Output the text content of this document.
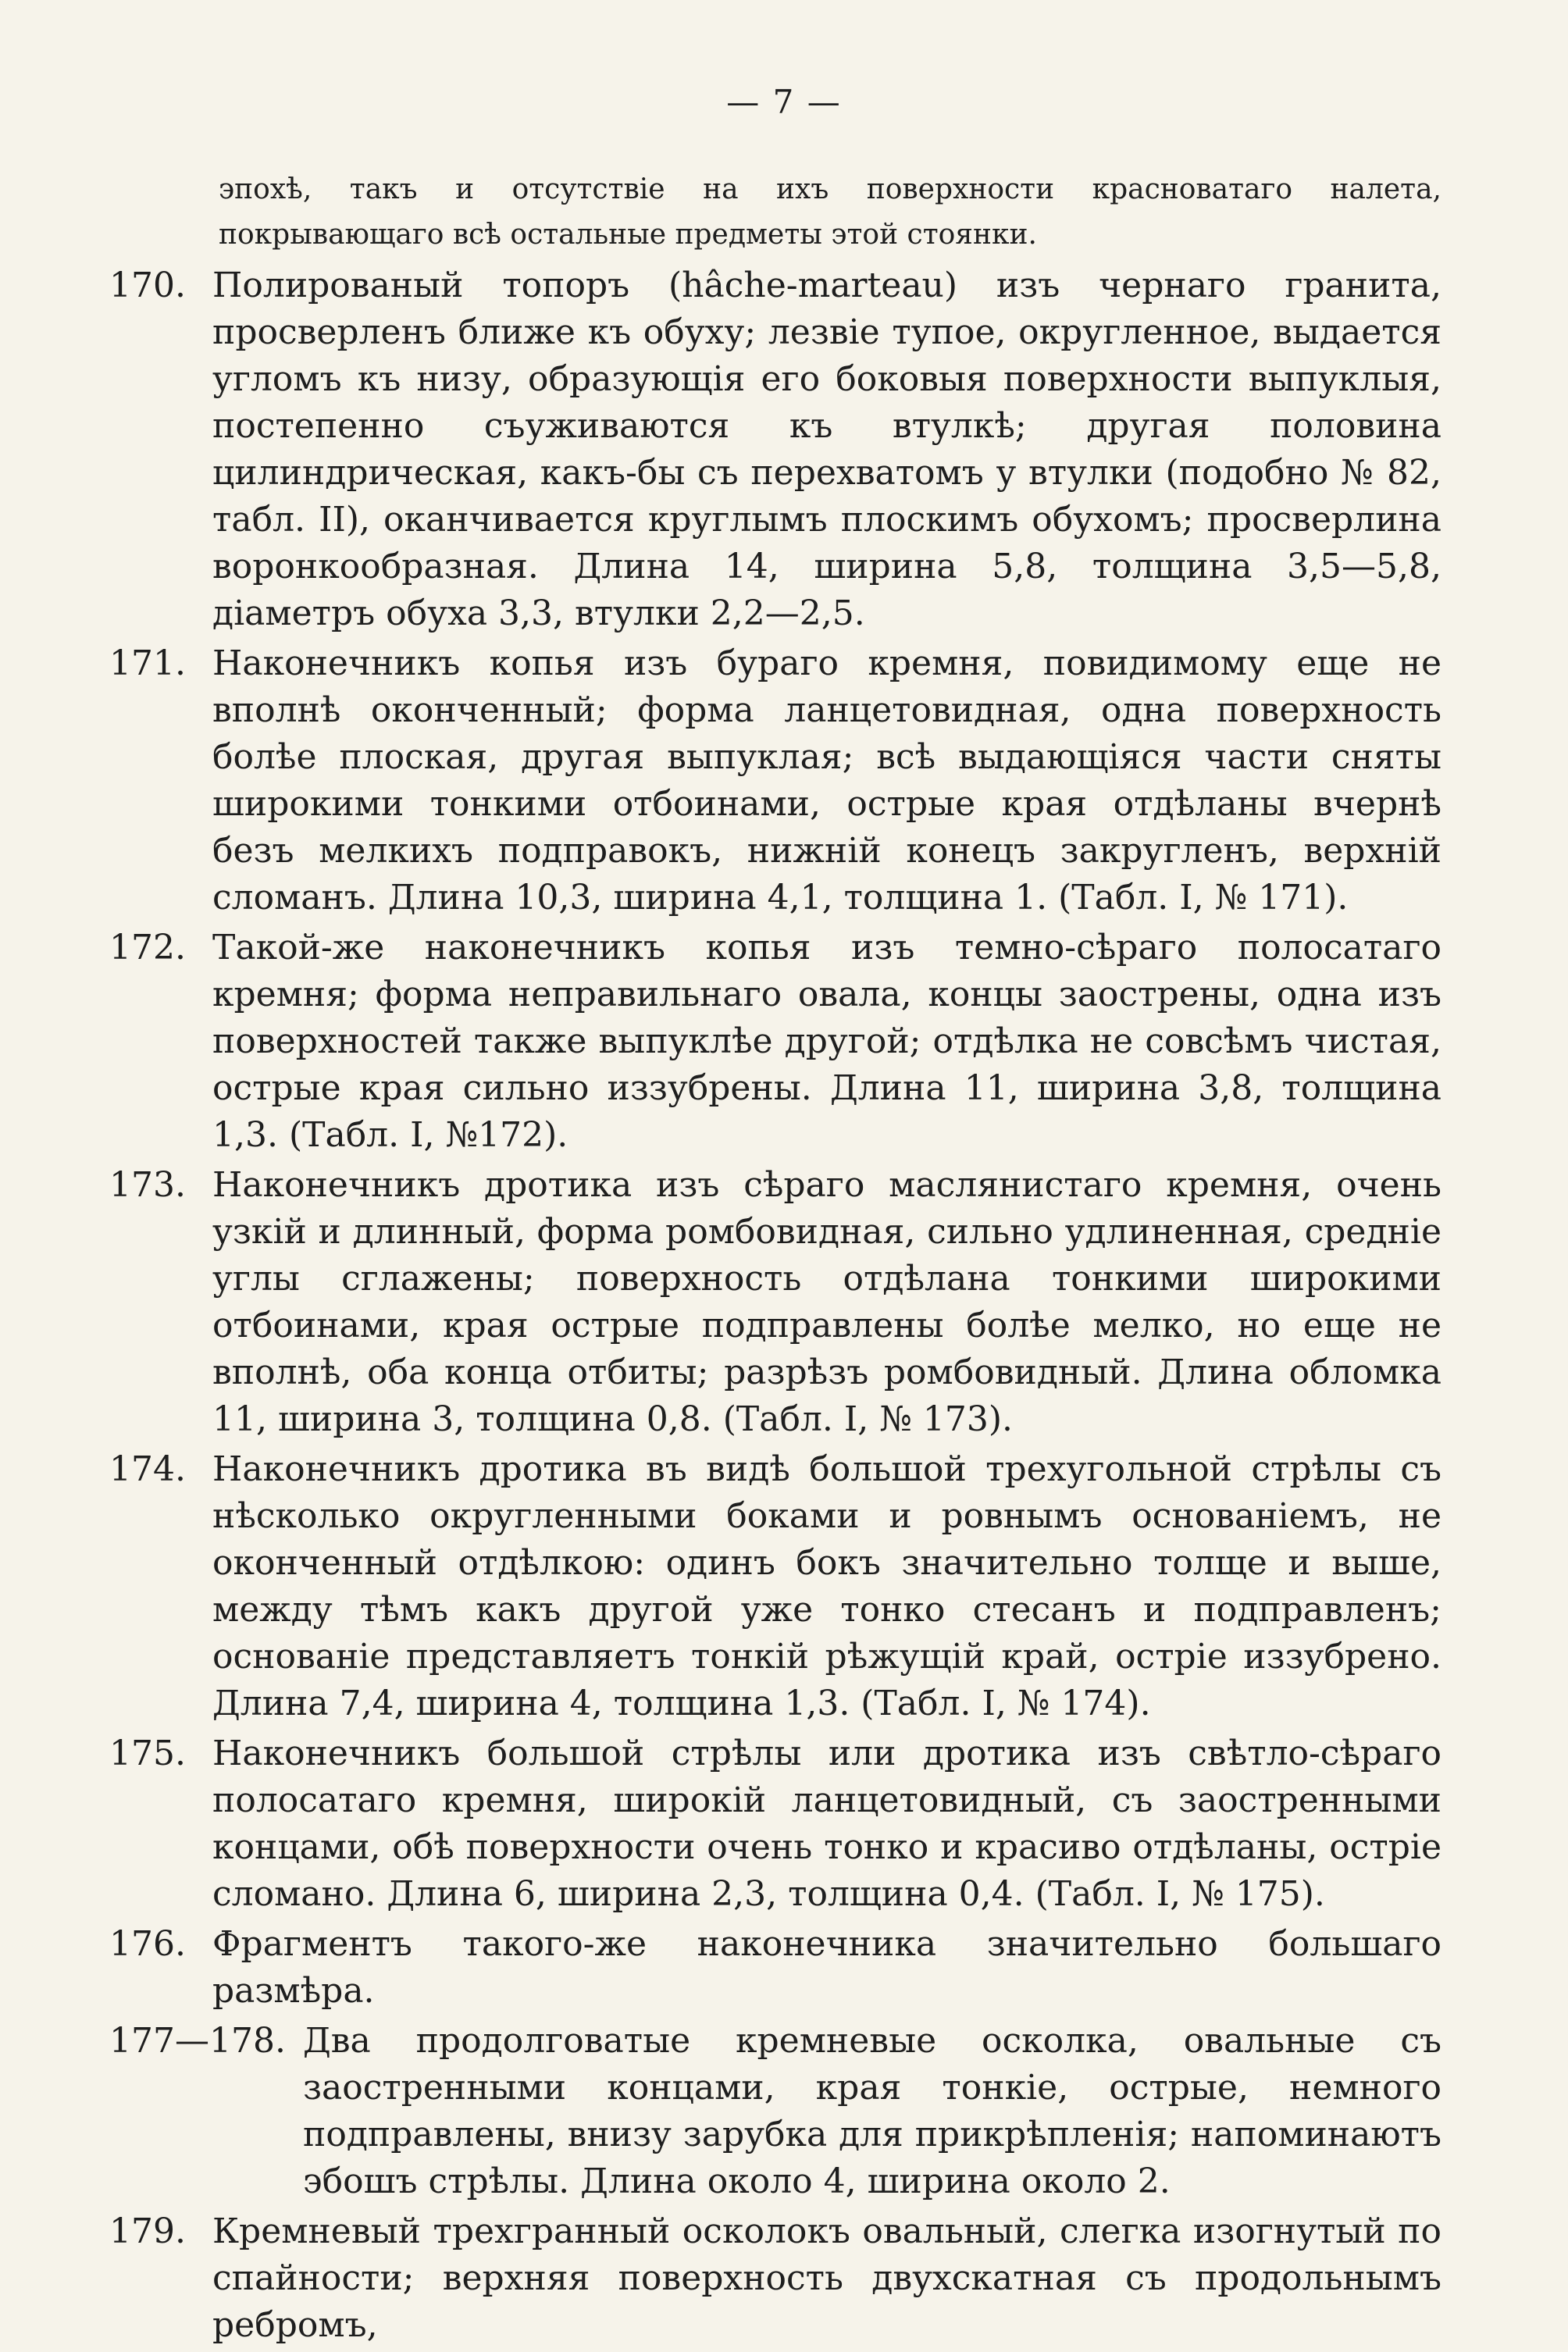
— 7 —
эпохѣ, такъ и отсутствіе на ихъ поверхности красноватаго налета, покрывающаго всѣ остальные предметы этой стоянки.
170. Полированый топоръ (hâche-marteau) изъ чернаго гранита, просверленъ ближе къ обуху; лезвіе тупое, округленное, выдается угломъ къ низу, образующія его боковыя поверхности выпуклыя, постепенно съуживаются къ втулкѣ; другая половина цилиндрическая, какъ-бы съ перехватомъ у втулки (подобно № 82, табл. II), оканчивается круглымъ плоскимъ обухомъ; просверлина воронкообразная. Длина 14, ширина 5,8, толщина 3,5—5,8, діаметръ обуха 3,3, втулки 2,2—2,5.
171. Наконечникъ копья изъ бураго кремня, повидимому еще не вполнѣ оконченный; форма ланцетовидная, одна поверхность болѣе плоская, другая выпуклая; всѣ выдающіяся части сняты широкими тонкими отбоинами, острые края отдѣланы вчернѣ безъ мелкихъ подправокъ, нижній конецъ закругленъ, верхній сломанъ. Длина 10,3, ширина 4,1, толщина 1. (Табл. I, № 171).
172. Такой-же наконечникъ копья изъ темно-сѣраго полосатаго кремня; форма неправильнаго овала, концы заострены, одна изъ поверхностей также выпуклѣе другой; отдѣлка не совсѣмъ чистая, острые края сильно иззубрены. Длина 11, ширина 3,8, толщина 1,3. (Табл. I, №172).
173. Наконечникъ дротика изъ сѣраго маслянистаго кремня, очень узкій и длинный, форма ромбовидная, сильно удлиненная, средніе углы сглажены; поверхность отдѣлана тонкими широкими отбоинами, края острые подправлены болѣе мелко, но еще не вполнѣ, оба конца отбиты; разрѣзъ ромбовидный. Длина обломка 11, ширина 3, толщина 0,8. (Табл. I, № 173).
174. Наконечникъ дротика въ видѣ большой трехугольной стрѣлы съ нѣсколько округленными боками и ровнымъ основаніемъ, не оконченный отдѣлкою: одинъ бокъ значительно толще и выше, между тѣмъ какъ другой уже тонко стесанъ и подправленъ; основаніе представляетъ тонкій рѣжущій край, остріе иззубрено. Длина 7,4, ширина 4, толщина 1,3. (Табл. I, № 174).
175. Наконечникъ большой стрѣлы или дротика изъ свѣтло-сѣраго полосатаго кремня, широкій ланцетовидный, съ заостренными концами, обѣ поверхности очень тонко и красиво отдѣланы, остріе сломано. Длина 6, ширина 2,3, толщина 0,4. (Табл. I, № 175).
176. Фрагментъ такого-же наконечника значительно большаго размѣра.
177—178. Два продолговатые кремневые осколка, овальные съ заостренными концами, края тонкіе, острые, немного подправлены, внизу зарубка для прикрѣпленія; напоминаютъ эбошъ стрѣлы. Длина около 4, ширина около 2.
179. Кремневый трехгранный осколокъ овальный, слегка изогнутый по спайности; верхняя поверхность двухскатная съ продольнымъ ребромъ,
